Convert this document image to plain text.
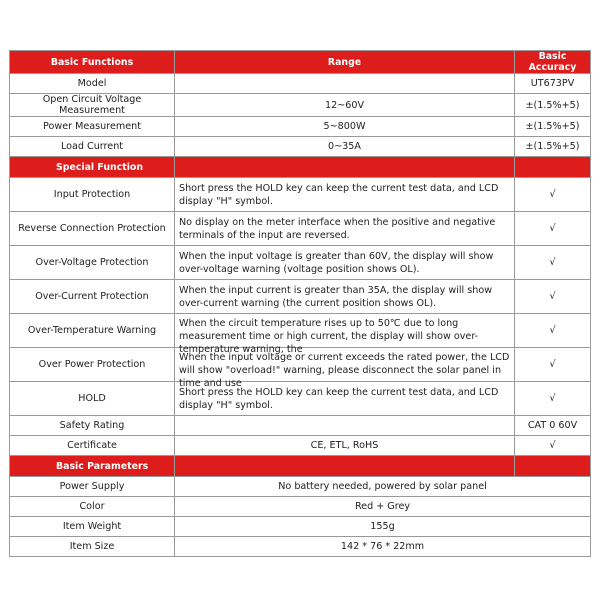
Basic Functions	Range	Basic Accuracy
Model		UT673PV
Open Circuit Voltage Measurement	12~60V	±(1.5%+5)
Power Measurement	5~800W	±(1.5%+5)
Load Current	0~35A	±(1.5%+5)
Special Function		
Input Protection	Short press the HOLD key can keep the current test data, and LCD display "H" symbol.	√
Reverse Connection Protection	No display on the meter interface when the positive and negative terminals of the input are reversed.	√
Over-Voltage Protection	When the input voltage is greater than 60V, the display will show over-voltage warning (voltage position shows OL).	√
Over-Current Protection	When the input current is greater than 35A, the display will show over-current warning (the current position shows OL).	√
Over-Temperature Warning	When the circuit temperature rises up to 50℃ due to long measurement time or high current, the display will show over-temperature warning, the	√
Over Power Protection	When the input voltage or current exceeds the rated power, the LCD will show "overload!" warning, please disconnect the solar panel in time and use	√
HOLD	Short press the HOLD key can keep the current test data, and LCD display "H" symbol.	√
Safety Rating		CAT 0 60V
Certificate	CE, ETL, RoHS	√
Basic Parameters		
Power Supply	No battery needed, powered by solar panel	
Color	Red + Grey	
Item Weight	155g	
Item Size	142 * 76 * 22mm	
